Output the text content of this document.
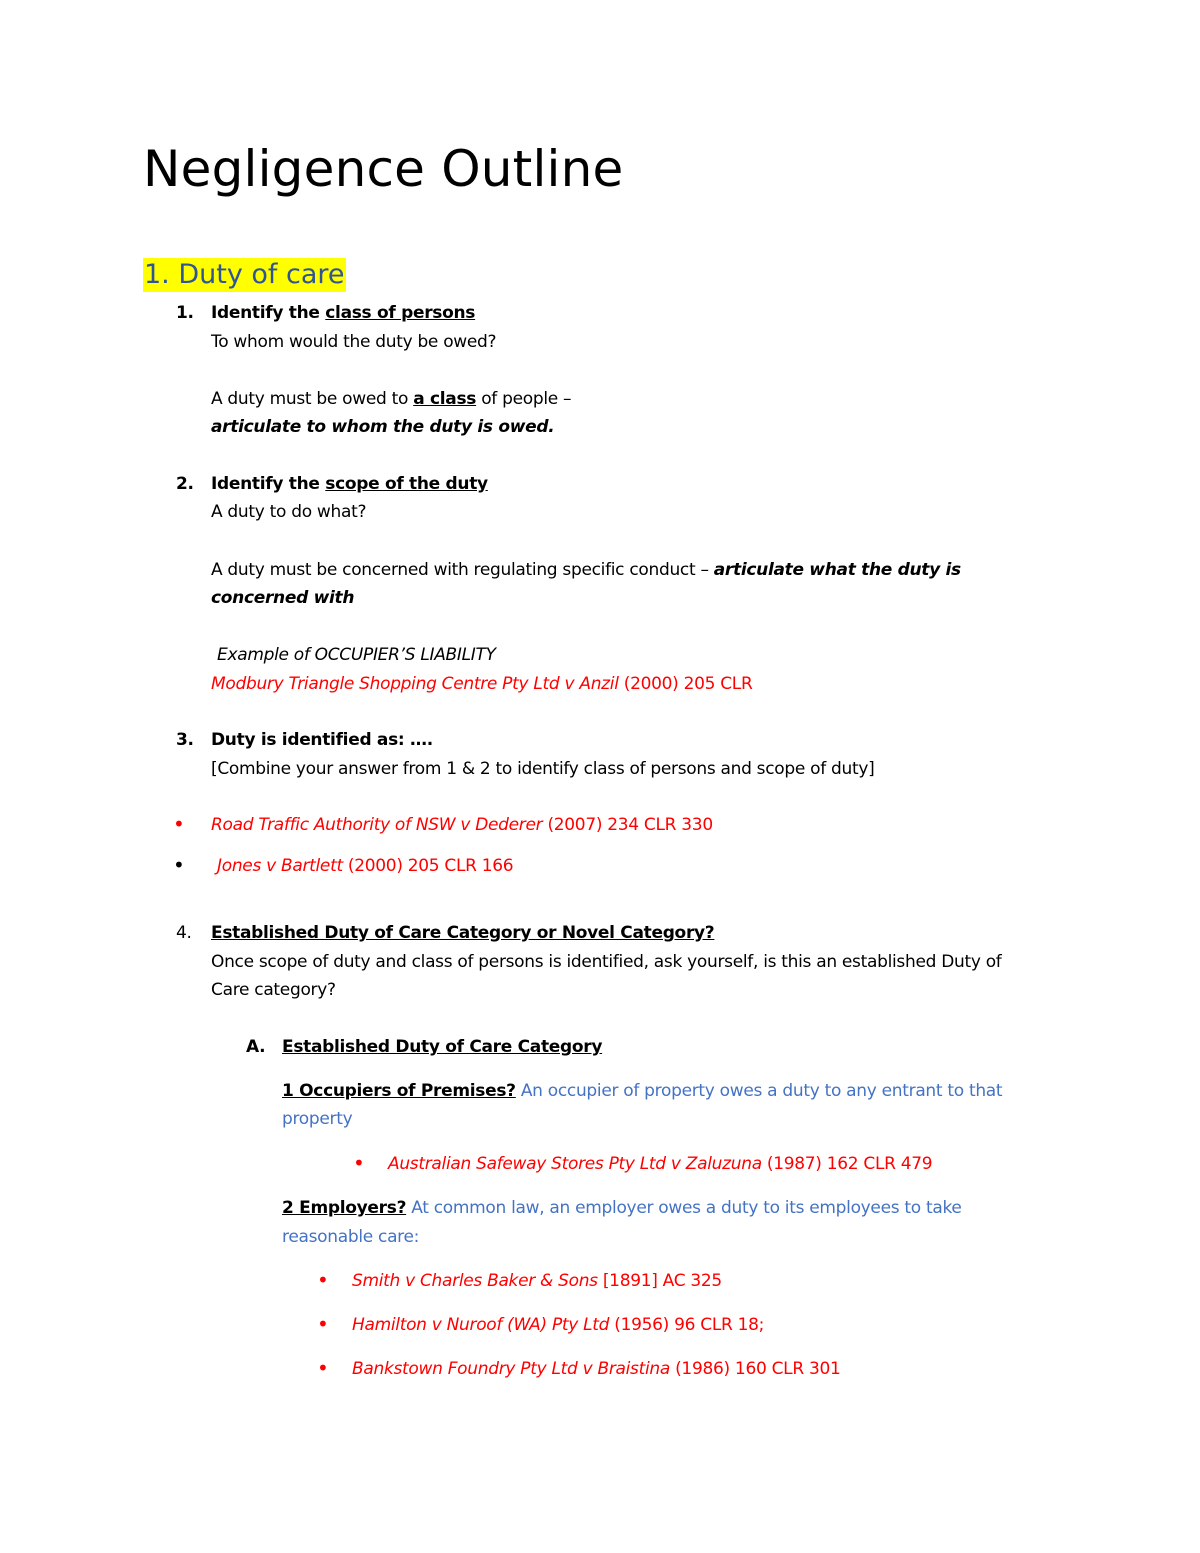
Negligence Outline
1. Duty of care
1. Identify the class of persons
To whom would the duty be owed?
A duty must be owed to a class of people –
articulate to whom the duty is owed.
2. Identify the scope of the duty
A duty to do what?
A duty must be concerned with regulating specific conduct – articulate what the duty is
concerned with
Example of OCCUPIER’S LIABILITY
Modbury Triangle Shopping Centre Pty Ltd v Anzil (2000) 205 CLR
3. Duty is identified as: ….
[Combine your answer from 1 & 2 to identify class of persons and scope of duty]
• Road Traffic Authority of NSW v Dederer (2007) 234 CLR 330
• Jones v Bartlett (2000) 205 CLR 166
4. Established Duty of Care Category or Novel Category?
Once scope of duty and class of persons is identified, ask yourself, is this an established Duty of
Care category?
A. Established Duty of Care Category
1 Occupiers of Premises? An occupier of property owes a duty to any entrant to that
property
• Australian Safeway Stores Pty Ltd v Zaluzuna (1987) 162 CLR 479
2 Employers? At common law, an employer owes a duty to its employees to take
reasonable care:
• Smith v Charles Baker & Sons [1891] AC 325
• Hamilton v Nuroof (WA) Pty Ltd (1956) 96 CLR 18;
• Bankstown Foundry Pty Ltd v Braistina (1986) 160 CLR 301
